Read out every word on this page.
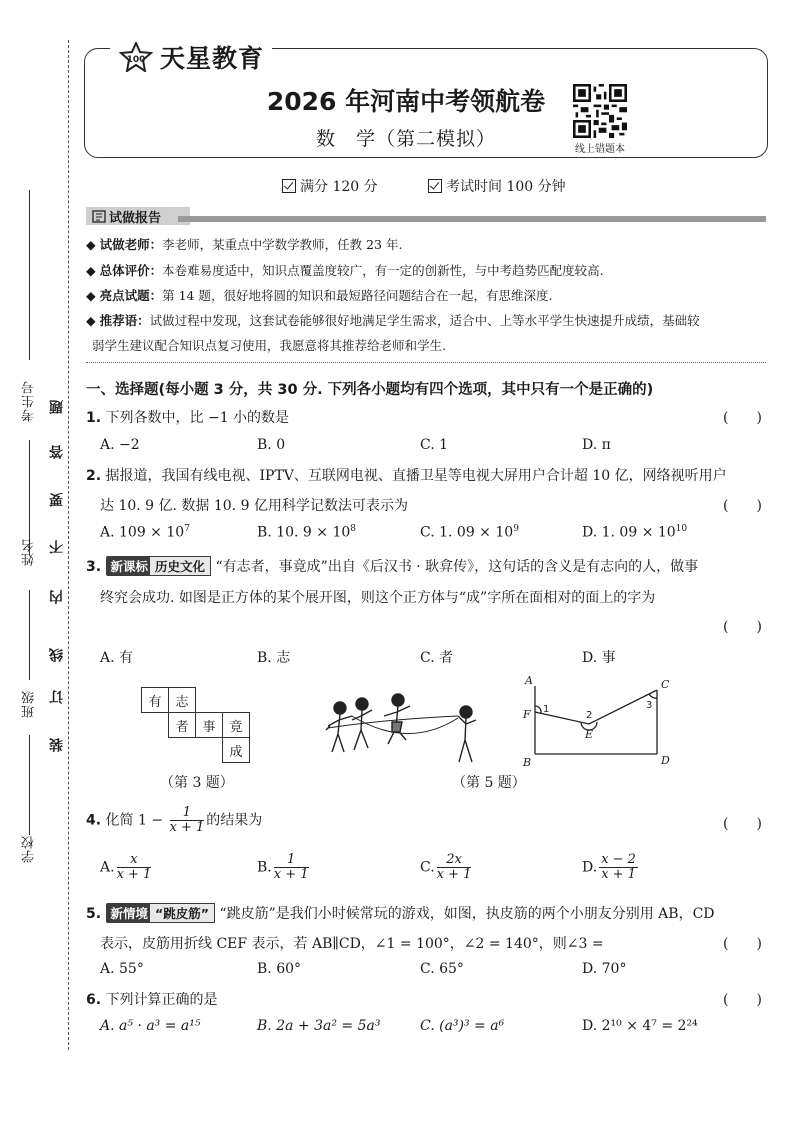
考生号
姓名
班级
学校
题
答
要
不
内
线
订
装
100 天星教育
2026 年河南中考领航卷
数　学（第二模拟）	线上错题本
满分 120 分	考试时间 100 分钟
试做报告
◆ 试做老师：李老师，某重点中学数学教师，任教 23 年.
◆ 总体评价：本卷难易度适中，知识点覆盖度较广，有一定的创新性，与中考趋势匹配度较高.
◆ 亮点试题：第 14 题，很好地将圆的知识和最短路径问题结合在一起，有思维深度.
◆ 推荐语：试做过程中发现，这套试卷能够很好地满足学生需求，适合中、上等水平学生快速提升成绩，基础较
弱学生建议配合知识点复习使用，我愿意将其推荐给老师和学生.
一、选择题(每小题 3 分，共 30 分. 下列各小题均有四个选项，其中只有一个是正确的)
1. 下列各数中，比 −1 小的数是	(　　)
A. −2	B. 0	C. 1	D. π
2. 据报道，我国有线电视、IPTV、互联网电视、直播卫星等电视大屏用户合计超 10 亿，网络视听用户
达 10. 9 亿. 数据 10. 9 亿用科学记数法可表示为	(　　)
A. $109 \times 10^7$	B. 10. $9 \times 10^8$	C. 1. $09 \times 10^9$	D. 1. $09 \times 10^{10}$
3. 新课标 历史文化 “有志者，事竟成”出自《后汉书 · 耿弇传》，这句话的含义是有志向的人，做事
终究会成功. 如图是正方体的某个展开图，则这个正方体与“成”字所在面相对的面上的字为
(　　)
A. 有	B. 志	C. 者	D. 事
有	志		
	者	事	竟
			成
（第 3 题）	（第 5 题）
A
F
B
E
C
D
1
2
3
4. 化简 $1 - \frac{1}{x + 1}$ 的结果为	(　　)
A. $\frac{x}{x + 1}$	B. $\frac{1}{x + 1}$	C. $\frac{2x}{x + 1}$	D. $\frac{x - 2}{x + 1}$
5. 新情境 “跳皮筋” “跳皮筋”是我们小时候常玩的游戏，如图，执皮筋的两个小朋友分别用 AB，CD
表示，皮筋用折线 CEF 表示，若 AB∥CD，∠1 = 100°，∠2 = 140°，则∠3 =	(　　)
A. 55°	B. 60°	C. 65°	D. 70°
6. 下列计算正确的是	(　　)
A. a⁵ · a³ = a¹⁵	B. 2a + 3a² = 5a³	C. (a³)³ = a⁶	D. 2¹⁰ × 4⁷ = 2²⁴
